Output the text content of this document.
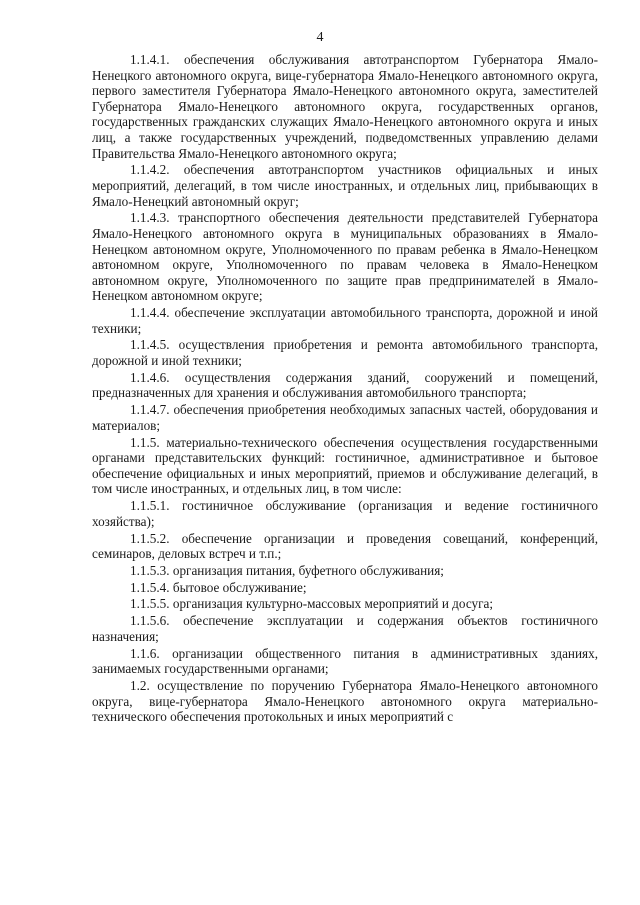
4

1.1.4.1. обеспечения обслуживания автотранспортом Губернатора Ямало-Ненецкого автономного округа, вице-губернатора Ямало-Ненецкого автономного округа, первого заместителя Губернатора Ямало-Ненецкого автономного округа, заместителей Губернатора Ямало-Ненецкого автономного округа, государственных органов, государственных гражданских служащих Ямало-Ненецкого автономного округа и иных лиц, а также государственных учреждений, подведомственных управлению делами Правительства Ямало-Ненецкого автономного округа;

1.1.4.2. обеспечения автотранспортом участников официальных и иных мероприятий, делегаций, в том числе иностранных, и отдельных лиц, прибывающих в Ямало-Ненецкий автономный округ;

1.1.4.3. транспортного обеспечения деятельности представителей Губернатора Ямало-Ненецкого автономного округа в муниципальных образованиях в Ямало-Ненецком автономном округе, Уполномоченного по правам ребенка в Ямало-Ненецком автономном округе, Уполномоченного по правам человека в Ямало-Ненецком автономном округе, Уполномоченного по защите прав предпринимателей в Ямало-Ненецком автономном округе;

1.1.4.4. обеспечение эксплуатации автомобильного транспорта, дорожной и иной техники;

1.1.4.5. осуществления приобретения и ремонта автомобильного транспорта, дорожной и иной техники;

1.1.4.6. осуществления содержания зданий, сооружений и помещений, предназначенных для хранения и обслуживания автомобильного транспорта;

1.1.4.7. обеспечения приобретения необходимых запасных частей, оборудования и материалов;

1.1.5. материально-технического обеспечения осуществления государственными органами представительских функций: гостиничное, административное и бытовое обеспечение официальных и иных мероприятий, приемов и обслуживание делегаций, в том числе иностранных, и отдельных лиц, в том числе:

1.1.5.1. гостиничное обслуживание (организация и ведение гостиничного хозяйства);

1.1.5.2. обеспечение организации и проведения совещаний, конференций, семинаров, деловых встреч и т.п.;

1.1.5.3. организация питания, буфетного обслуживания;

1.1.5.4. бытовое обслуживание;

1.1.5.5. организация культурно-массовых мероприятий и досуга;

1.1.5.6. обеспечение эксплуатации и содержания объектов гостиничного назначения;

1.1.6. организации общественного питания в административных зданиях, занимаемых государственными органами;

1.2. осуществление по поручению Губернатора Ямало-Ненецкого автономного округа, вице-губернатора Ямало-Ненецкого автономного округа материально-технического обеспечения протокольных и иных мероприятий с
